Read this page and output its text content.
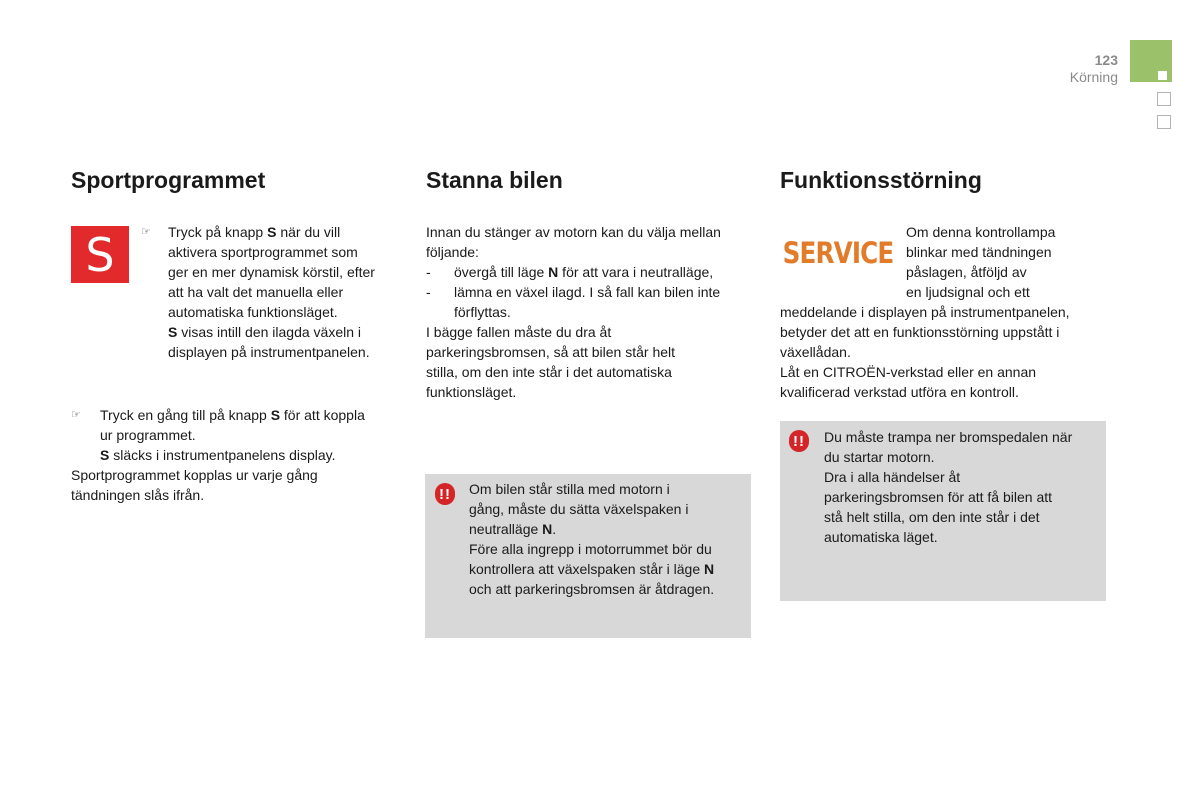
123
Körning
Sportprogrammet
S ☞ Tryck på knapp S när du vill
aktivera sportprogrammet som
ger en mer dynamisk körstil, efter
att ha valt det manuella eller
automatiska funktionsläget.
S visas intill den ilagda växeln i
displayen på instrumentpanelen.
☞	Tryck en gång till på knapp S för att koppla
ur programmet.
S släcks i instrumentpanelens display.
Sportprogrammet kopplas ur varje gång
tändningen slås ifrån.
Stanna bilen
Innan du stänger av motorn kan du välja mellan
följande:
- övergå till läge N för att vara i neutralläge,
- lämna en växel ilagd. I så fall kan bilen inte
förflyttas.
I bägge fallen måste du dra åt
parkeringsbromsen, så att bilen står helt
stilla, om den inte står i det automatiska
funktionsläget.
!! Om bilen står stilla med motorn i
gång, måste du sätta växelspaken i
neutralläge N.
Före alla ingrepp i motorrummet bör du
kontrollera att växelspaken står i läge N
och att parkeringsbromsen är åtdragen.
Funktionsstörning
SERVICE
Om denna kontrollampa
blinkar med tändningen
påslagen, åtföljd av
en ljudsignal och ett
meddelande i displayen på instrumentpanelen,
betyder det att en funktionsstörning uppstått i
växellådan.
Låt en CITROËN-verkstad eller en annan
kvalificerad verkstad utföra en kontroll.
!! Du måste trampa ner bromspedalen när
du startar motorn.
Dra i alla händelser åt
parkeringsbromsen för att få bilen att
stå helt stilla, om den inte står i det
automatiska läget.
